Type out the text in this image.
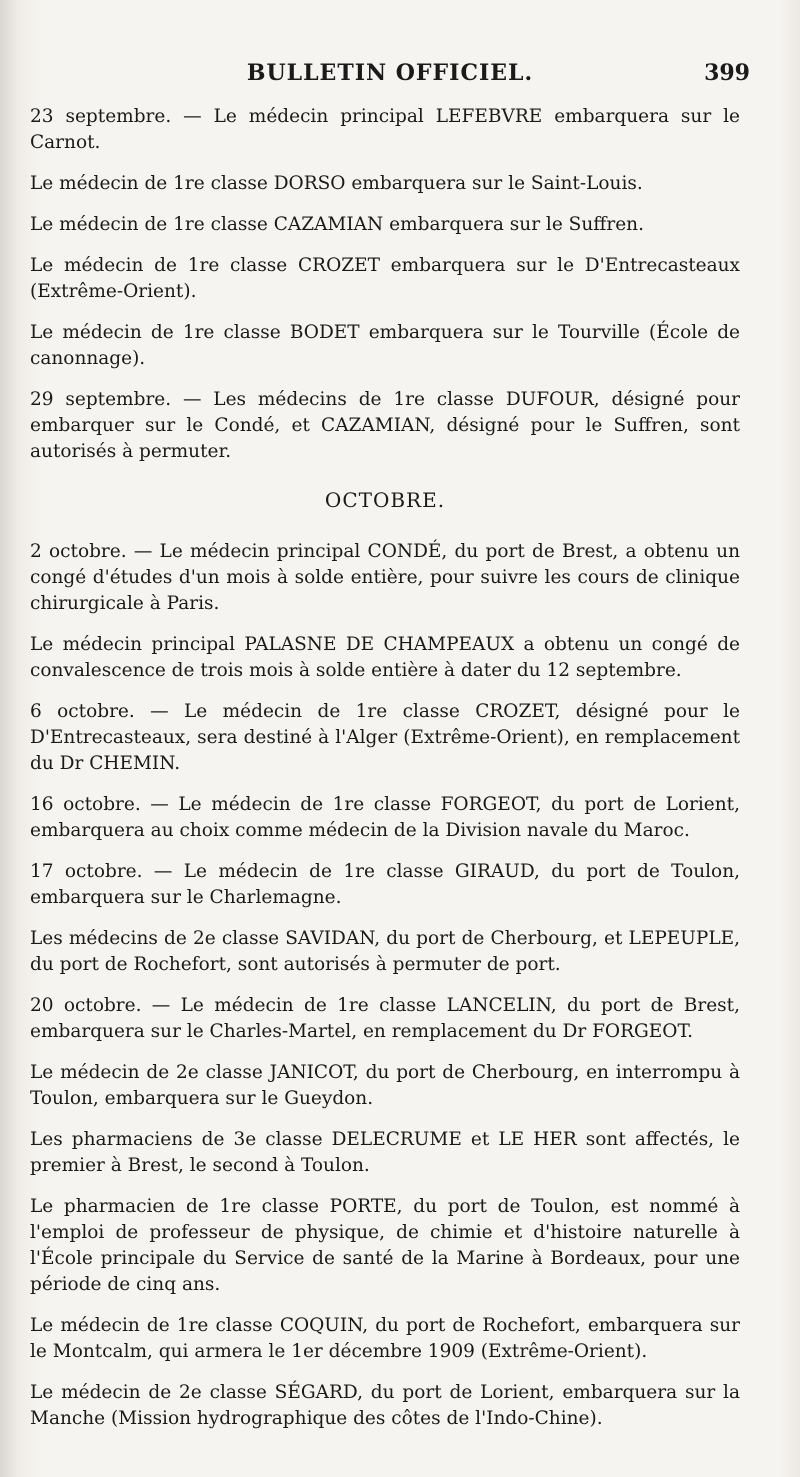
BULLETIN OFFICIEL.	399

23 septembre. — Le médecin principal LEFEBVRE embarquera sur le Carnot.

Le médecin de 1re classe DORSO embarquera sur le Saint-Louis.

Le médecin de 1re classe CAZAMIAN embarquera sur le Suffren.

Le médecin de 1re classe CROZET embarquera sur le D'Entrecasteaux (Extrême-Orient).

Le médecin de 1re classe BODET embarquera sur le Tourville (École de canonnage).

29 septembre. — Les médecins de 1re classe DUFOUR, désigné pour embarquer sur le Condé, et CAZAMIAN, désigné pour le Suffren, sont autorisés à permuter.

OCTOBRE.

2 octobre. — Le médecin principal CONDÉ, du port de Brest, a obtenu un congé d'études d'un mois à solde entière, pour suivre les cours de clinique chirurgicale à Paris.

Le médecin principal PALASNE DE CHAMPEAUX a obtenu un congé de convalescence de trois mois à solde entière à dater du 12 septembre.

6 octobre. — Le médecin de 1re classe CROZET, désigné pour le D'Entrecasteaux, sera destiné à l'Alger (Extrême-Orient), en remplacement du Dr CHEMIN.

16 octobre. — Le médecin de 1re classe FORGEOT, du port de Lorient, embarquera au choix comme médecin de la Division navale du Maroc.

17 octobre. — Le médecin de 1re classe GIRAUD, du port de Toulon, embarquera sur le Charlemagne.

Les médecins de 2e classe SAVIDAN, du port de Cherbourg, et LEPEUPLE, du port de Rochefort, sont autorisés à permuter de port.

20 octobre. — Le médecin de 1re classe LANCELIN, du port de Brest, embarquera sur le Charles-Martel, en remplacement du Dr FORGEOT.

Le médecin de 2e classe JANICOT, du port de Cherbourg, en interrompu à Toulon, embarquera sur le Gueydon.

Les pharmaciens de 3e classe DELECRUME et LE HER sont affectés, le premier à Brest, le second à Toulon.

Le pharmacien de 1re classe PORTE, du port de Toulon, est nommé à l'emploi de professeur de physique, de chimie et d'histoire naturelle à l'École principale du Service de santé de la Marine à Bordeaux, pour une période de cinq ans.

Le médecin de 1re classe COQUIN, du port de Rochefort, embarquera sur le Montcalm, qui armera le 1er décembre 1909 (Extrême-Orient).

Le médecin de 2e classe SÉGARD, du port de Lorient, embarquera sur la Manche (Mission hydrographique des côtes de l'Indo-Chine).
